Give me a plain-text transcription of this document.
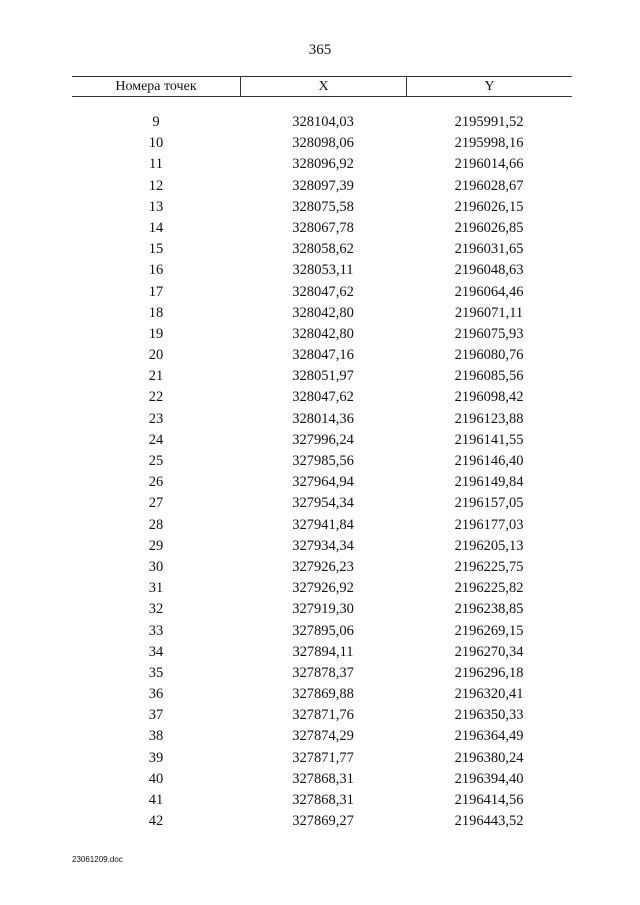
365
Номера точек	X	Y
9	328104,03	2195991,52
10	328098,06	2195998,16
11	328096,92	2196014,66
12	328097,39	2196028,67
13	328075,58	2196026,15
14	328067,78	2196026,85
15	328058,62	2196031,65
16	328053,11	2196048,63
17	328047,62	2196064,46
18	328042,80	2196071,11
19	328042,80	2196075,93
20	328047,16	2196080,76
21	328051,97	2196085,56
22	328047,62	2196098,42
23	328014,36	2196123,88
24	327996,24	2196141,55
25	327985,56	2196146,40
26	327964,94	2196149,84
27	327954,34	2196157,05
28	327941,84	2196177,03
29	327934,34	2196205,13
30	327926,23	2196225,75
31	327926,92	2196225,82
32	327919,30	2196238,85
33	327895,06	2196269,15
34	327894,11	2196270,34
35	327878,37	2196296,18
36	327869,88	2196320,41
37	327871,76	2196350,33
38	327874,29	2196364,49
39	327871,77	2196380,24
40	327868,31	2196394,40
41	327868,31	2196414,56
42	327869,27	2196443,52
23061209.doc
